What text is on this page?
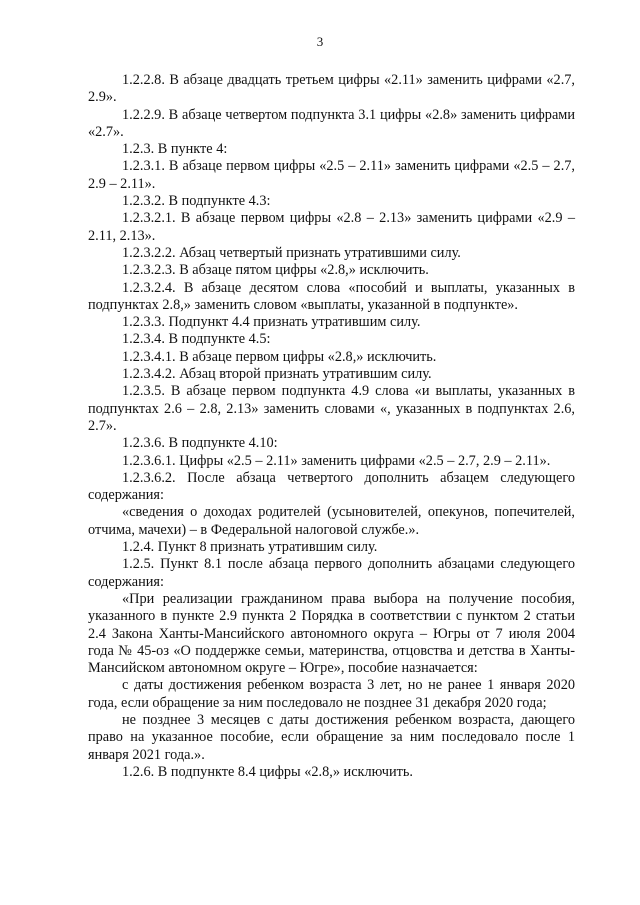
3

1.2.2.8. В абзаце двадцать третьем цифры «2.11» заменить цифрами «2.7, 2.9».

1.2.2.9. В абзаце четвертом подпункта 3.1 цифры «2.8» заменить цифрами «2.7».

1.2.3. В пункте 4:

1.2.3.1. В абзаце первом цифры «2.5 – 2.11» заменить цифрами «2.5 – 2.7, 2.9 – 2.11».

1.2.3.2. В подпункте 4.3:

1.2.3.2.1. В абзаце первом цифры «2.8 – 2.13» заменить цифрами «2.9 – 2.11, 2.13».

1.2.3.2.2. Абзац четвертый признать утратившими силу.

1.2.3.2.3. В абзаце пятом цифры «2.8,» исключить.

1.2.3.2.4. В абзаце десятом слова «пособий и выплаты, указанных в подпунктах 2.8,» заменить словом «выплаты, указанной в подпункте».

1.2.3.3. Подпункт 4.4 признать утратившим силу.

1.2.3.4. В подпункте 4.5:

1.2.3.4.1. В абзаце первом цифры «2.8,» исключить.

1.2.3.4.2. Абзац второй признать утратившим силу.

1.2.3.5. В абзаце первом подпункта 4.9 слова «и выплаты, указанных в подпунктах 2.6 – 2.8, 2.13» заменить словами «, указанных в подпунктах 2.6, 2.7».

1.2.3.6. В подпункте 4.10:

1.2.3.6.1. Цифры «2.5 – 2.11» заменить цифрами «2.5 – 2.7, 2.9 – 2.11».

1.2.3.6.2. После абзаца четвертого дополнить абзацем следующего содержания:

«сведения о доходах родителей (усыновителей, опекунов, попечителей, отчима, мачехи) – в Федеральной налоговой службе.».

1.2.4. Пункт 8 признать утратившим силу.

1.2.5. Пункт 8.1 после абзаца первого дополнить абзацами следующего содержания:

«При реализации гражданином права выбора на получение пособия, указанного в пункте 2.9 пункта 2 Порядка в соответствии с пунктом 2 статьи 2.4 Закона Ханты-Мансийского автономного округа – Югры от 7 июля 2004 года № 45-оз «О поддержке семьи, материнства, отцовства и детства в Ханты-Мансийском автономном округе – Югре», пособие назначается:

с даты достижения ребенком возраста 3 лет, но не ранее 1 января 2020 года, если обращение за ним последовало не позднее 31 декабря 2020 года;

не позднее 3 месяцев с даты достижения ребенком возраста, дающего право на указанное пособие, если обращение за ним последовало после 1 января 2021 года.».

1.2.6. В подпункте 8.4 цифры «2.8,» исключить.
